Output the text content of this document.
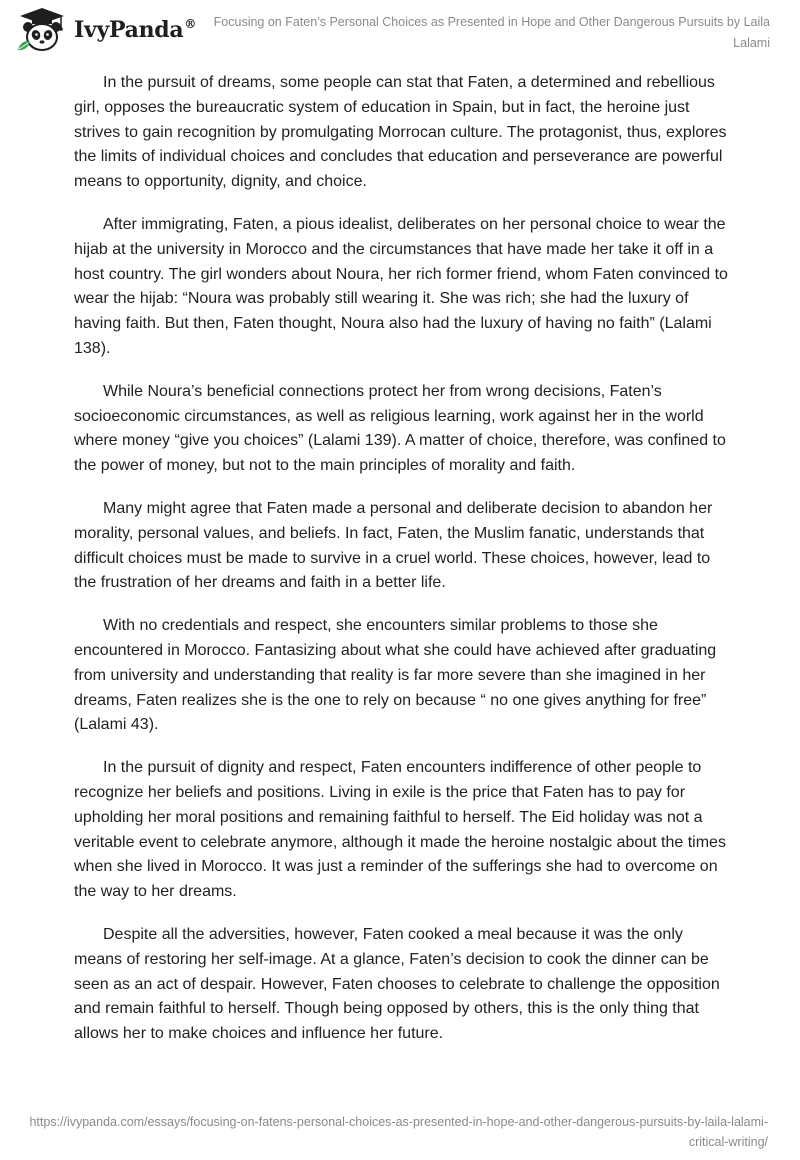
IvyPanda® Focusing on Faten’s Personal Choices as Presented in Hope and Other Dangerous Pursuits by Laila Lalami

In the pursuit of dreams, some people can stat that Faten, a determined and rebellious girl, opposes the bureaucratic system of education in Spain, but in fact, the heroine just strives to gain recognition by promulgating Morrocan culture. The protagonist, thus, explores the limits of individual choices and concludes that education and perseverance are powerful means to opportunity, dignity, and choice.

After immigrating, Faten, a pious idealist, deliberates on her personal choice to wear the hijab at the university in Morocco and the circumstances that have made her take it off in a host country. The girl wonders about Noura, her rich former friend, whom Faten convinced to wear the hijab: “Noura was probably still wearing it. She was rich; she had the luxury of having faith. But then, Faten thought, Noura also had the luxury of having no faith” (Lalami 138).

While Noura’s beneficial connections protect her from wrong decisions, Faten’s socioeconomic circumstances, as well as religious learning, work against her in the world where money “give you choices” (Lalami 139). A matter of choice, therefore, was confined to the power of money, but not to the main principles of morality and faith.

Many might agree that Faten made a personal and deliberate decision to abandon her morality, personal values, and beliefs. In fact, Faten, the Muslim fanatic, understands that difficult choices must be made to survive in a cruel world. These choices, however, lead to the frustration of her dreams and faith in a better life.

With no credentials and respect, she encounters similar problems to those she encountered in Morocco. Fantasizing about what she could have achieved after graduating from university and understanding that reality is far more severe than she imagined in her dreams, Faten realizes she is the one to rely on because “ no one gives anything for free” (Lalami 43).

In the pursuit of dignity and respect, Faten encounters indifference of other people to recognize her beliefs and positions. Living in exile is the price that Faten has to pay for upholding her moral positions and remaining faithful to herself. The Eid holiday was not a veritable event to celebrate anymore, although it made the heroine nostalgic about the times when she lived in Morocco. It was just a reminder of the sufferings she had to overcome on the way to her dreams.

Despite all the adversities, however, Faten cooked a meal because it was the only means of restoring her self-image. At a glance, Faten’s decision to cook the dinner can be seen as an act of despair. However, Faten chooses to celebrate to challenge the opposition and remain faithful to herself. Though being opposed by others, this is the only thing that allows her to make choices and influence her future.

https://ivypanda.com/essays/focusing-on-fatens-personal-choices-as-presented-in-hope-and-other-dangerous-pursuits-by-laila-lalami-critical-writing/
